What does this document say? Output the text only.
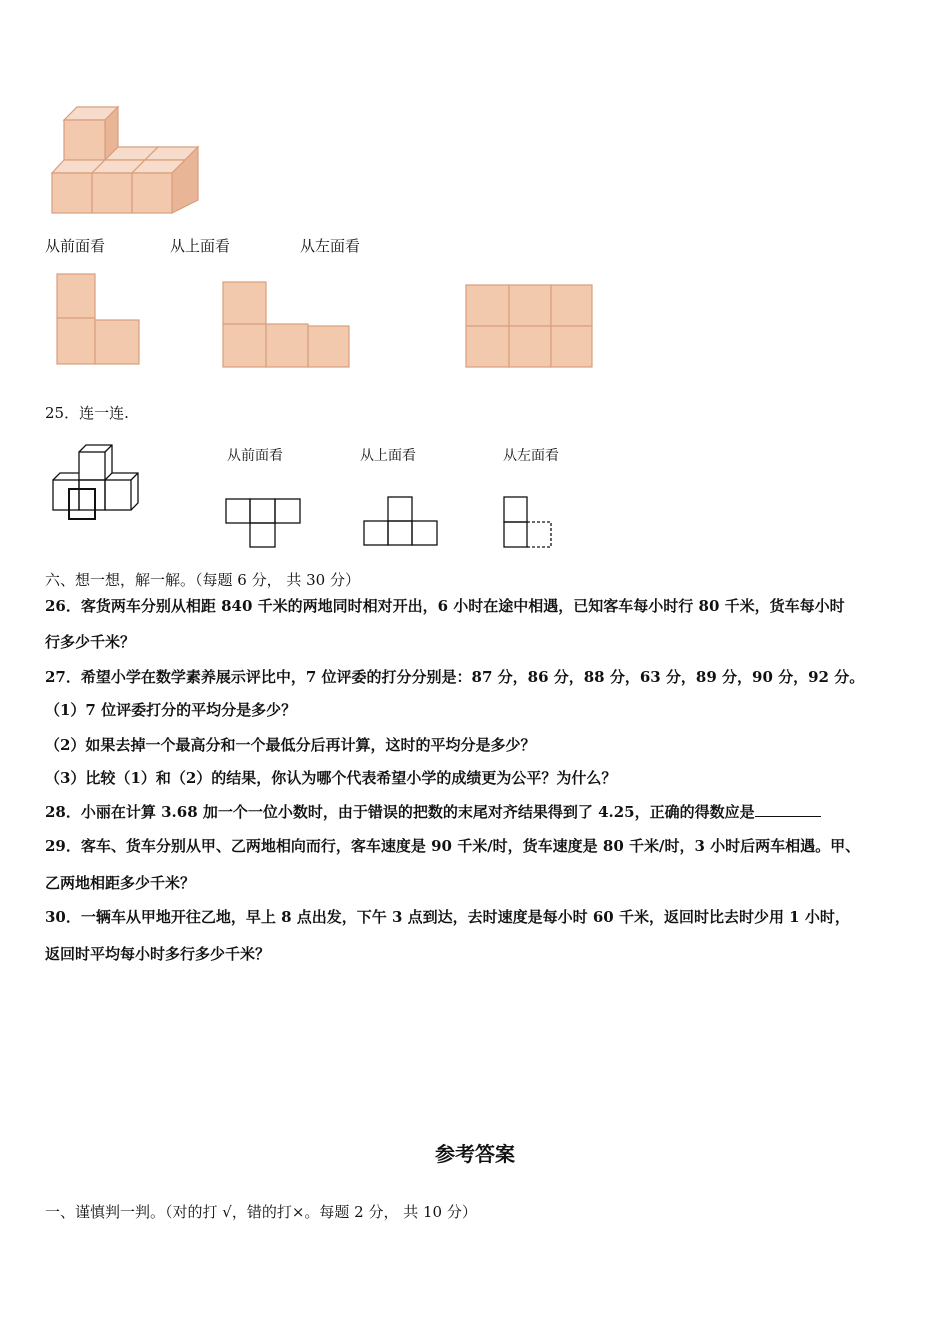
从前面看	从上面看	从左面看
25．连一连.
从前面看	从上面看	从左面看
六、想一想，解一解。（每题 6 分， 共 30 分）
26．客货两车分别从相距 840 千米的两地同时相对开出，6 小时在途中相遇，已知客车每小时行 80 千米，货车每小时
行多少千米？
27．希望小学在数学素养展示评比中，7 位评委的打分分别是：87 分，86 分，88 分，63 分，89 分，90 分，92 分。
（1）7 位评委打分的平均分是多少？
（2）如果去掉一个最高分和一个最低分后再计算，这时的平均分是多少？
（3）比较（1）和（2）的结果，你认为哪个代表希望小学的成绩更为公平？为什么？
28．小丽在计算 3.68 加一个一位小数时，由于错误的把数的末尾对齐结果得到了 4.25，正确的得数应是
29．客车、货车分别从甲、乙两地相向而行，客车速度是 90 千米/时，货车速度是 80 千米/时，3 小时后两车相遇。甲、
乙两地相距多少千米？
30．一辆车从甲地开往乙地，早上 8 点出发，下午 3 点到达，去时速度是每小时 60 千米，返回时比去时少用 1 小时，
返回时平均每小时多行多少千米？
参考答案
一、谨慎判一判。（对的打 √，错的打×。每题 2 分， 共 10 分）
